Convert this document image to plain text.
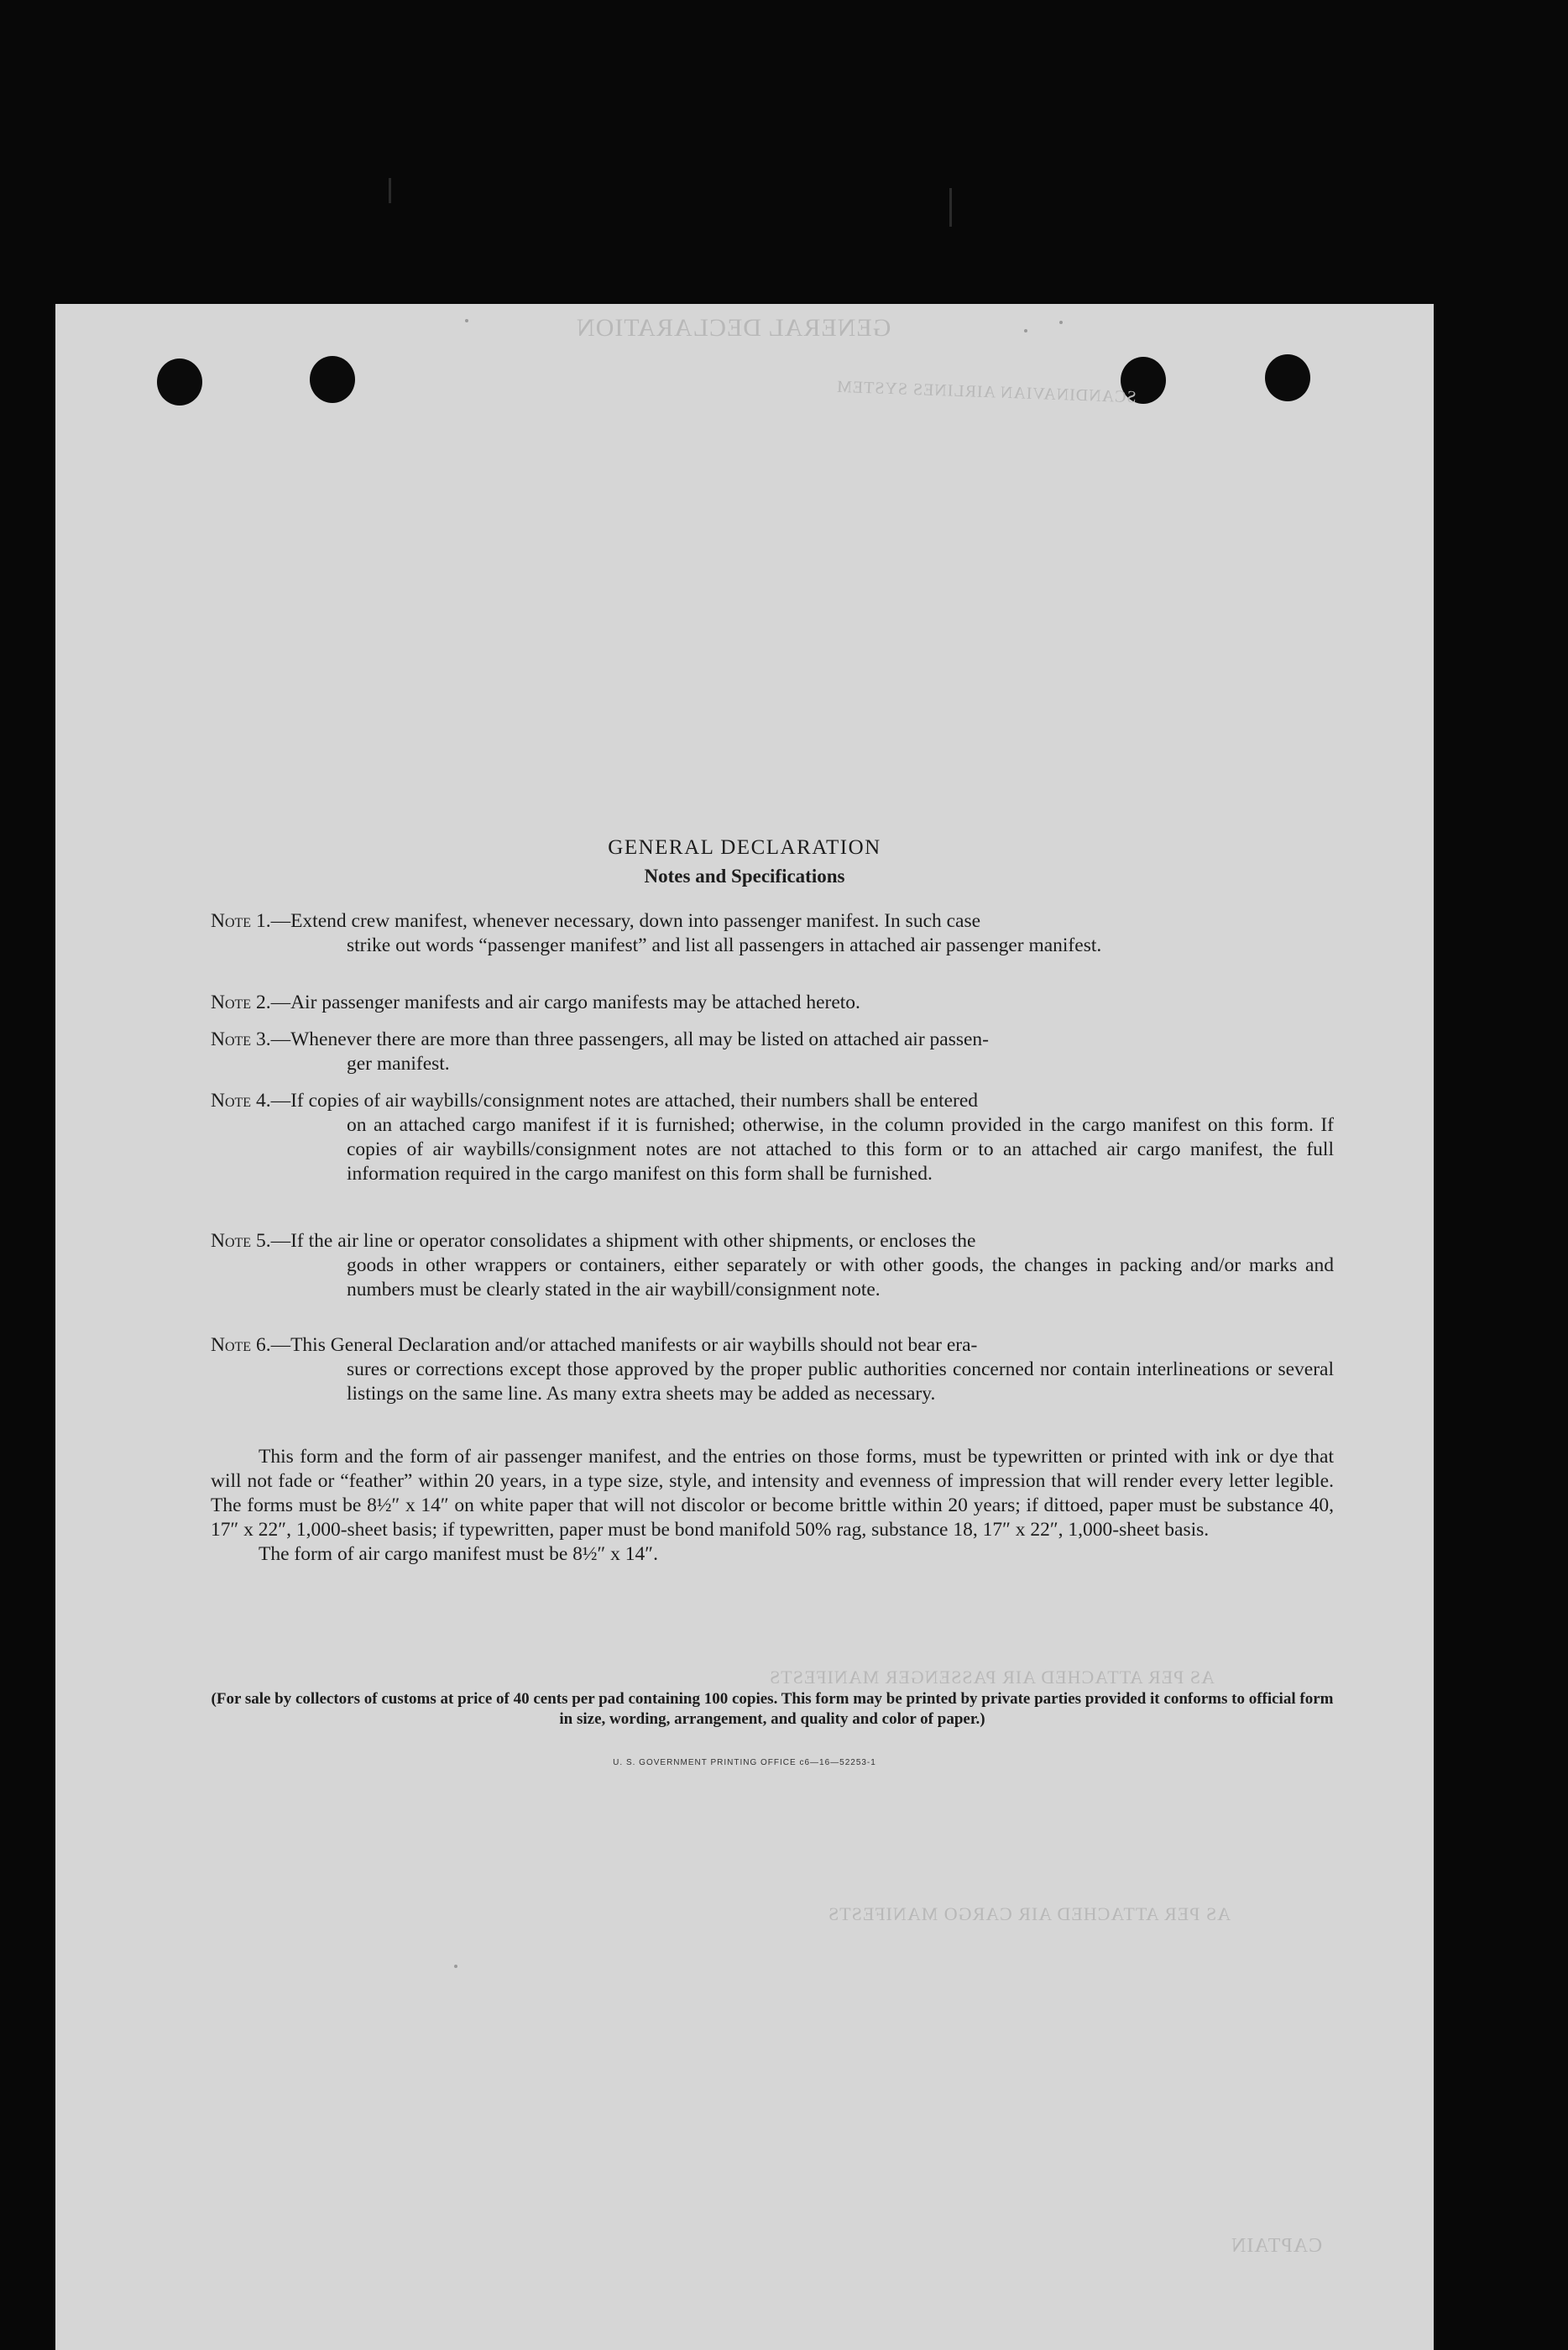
GENERAL DECLARATION
SCANDINAVIAN AIRLINES SYSTEM
AS PER ATTACHED AIR PASSENGER MANIFESTS
AS PER ATTACHED AIR CARGO MANIFESTS
CAPTAIN
GENERAL DECLARATION
Notes and Specifications
Note 1.—Extend crew manifest, whenever necessary, down into passenger manifest. In such case
strike out words “passenger manifest” and list all passengers in attached air passenger manifest.
Note 2.—Air passenger manifests and air cargo manifests may be attached hereto.
Note 3.—Whenever there are more than three passengers, all may be listed on attached air passen-
ger manifest.
Note 4.—If copies of air waybills/consignment notes are attached, their numbers shall be entered
on an attached cargo manifest if it is furnished; otherwise, in the column provided in the cargo manifest on this form. If copies of air waybills/consignment notes are not attached to this form or to an attached air cargo manifest, the full information required in the cargo manifest on this form shall be furnished.
Note 5.—If the air line or operator consolidates a shipment with other shipments, or encloses the
goods in other wrappers or containers, either separately or with other goods, the changes in packing and/or marks and numbers must be clearly stated in the air waybill/consignment note.
Note 6.—This General Declaration and/or attached manifests or air waybills should not bear era-
sures or corrections except those approved by the proper public authorities concerned nor contain interlineations or several listings on the same line. As many extra sheets may be added as necessary.
This form and the form of air passenger manifest, and the entries on those forms, must be typewritten or printed with ink or dye that will not fade or “feather” within 20 years, in a type size, style, and intensity and evenness of impression that will render every letter legible. The forms must be 8½″ x 14″ on white paper that will not discolor or become brittle within 20 years; if dittoed, paper must be substance 40, 17″ x 22″, 1,000-sheet basis; if typewritten, paper must be bond manifold 50% rag, substance 18, 17″ x 22″, 1,000-sheet basis.
The form of air cargo manifest must be 8½″ x 14″.
(For sale by collectors of customs at price of 40 cents per pad containing 100 copies. This form may be printed by private parties provided it conforms to official form in size, wording, arrangement, and quality and color of paper.)
U. S. GOVERNMENT PRINTING OFFICE c6—16—52253-1
